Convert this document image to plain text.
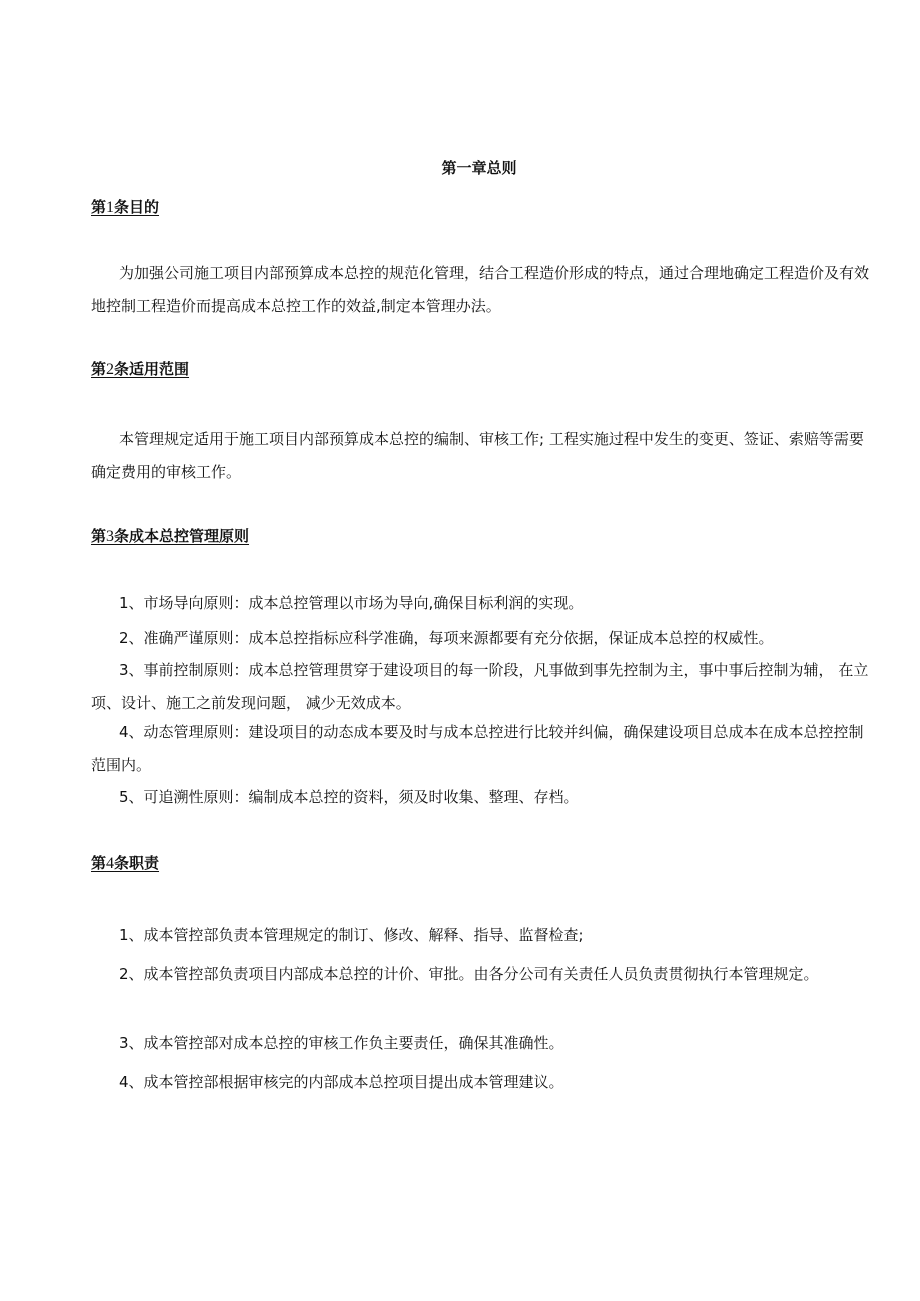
第一章总则
第1条目的

为加强公司施工项目内部预算成本总控的规范化管理，结合工程造价形成的特点，通过合理地确定工程造价及有效地控制工程造价而提高成本总控工作的效益,制定本管理办法。

第2条适用范围

本管理规定适用于施工项目内部预算成本总控的编制、审核工作; 工程实施过程中发生的变更、签证、索赔等需要确定费用的审核工作。

第3条成本总控管理原则

1、市场导向原则：成本总控管理以市场为导向,确保目标利润的实现。

2、准确严谨原则：成本总控指标应科学准确，每项来源都要有充分依据，保证成本总控的权威性。

3、事前控制原则：成本总控管理贯穿于建设项目的每一阶段，凡事做到事先控制为主，事中事后控制为辅， 在立项、设计、施工之前发现问题， 减少无效成本。

4、动态管理原则：建设项目的动态成本要及时与成本总控进行比较并纠偏，确保建设项目总成本在成本总控控制范围内。

5、可追溯性原则：编制成本总控的资料，须及时收集、整理、存档。

第4条职责

1、成本管控部负责本管理规定的制订、修改、解释、指导、监督检查;

2、成本管控部负责项目内部成本总控的计价、审批。由各分公司有关责任人员负责贯彻执行本管理规定。

3、成本管控部对成本总控的审核工作负主要责任，确保其准确性。

4、成本管控部根据审核完的内部成本总控项目提出成本管理建议。
